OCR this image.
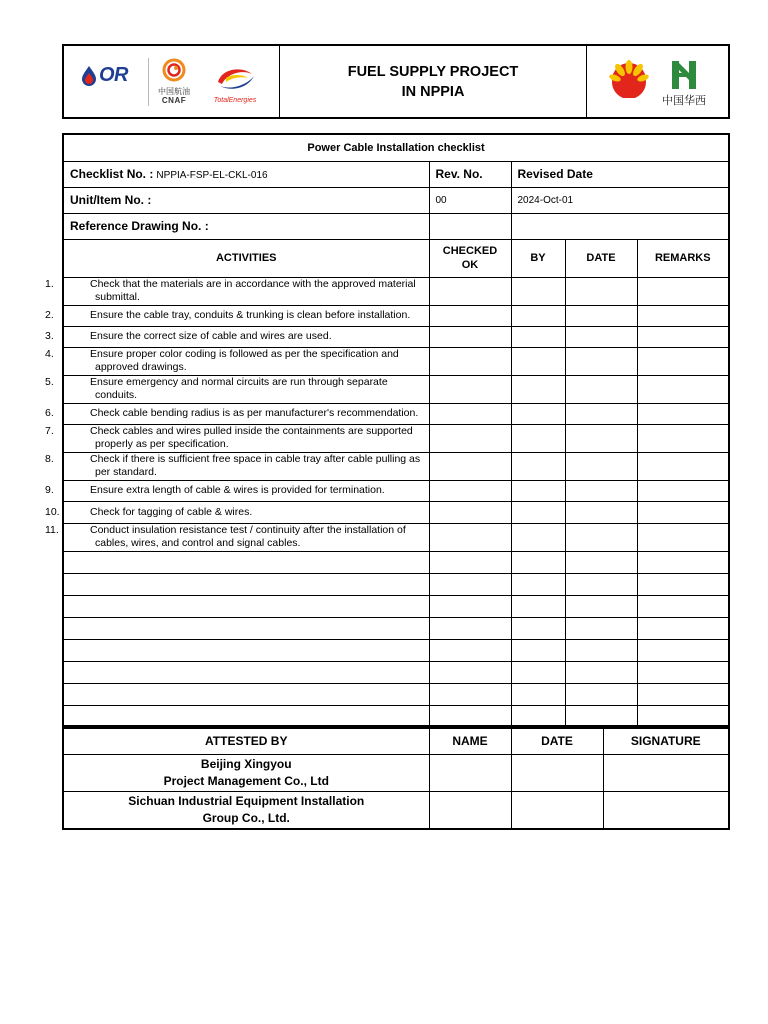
OR
中国航油
CNAF	TotalEnergies
FUEL SUPPLY PROJECT
IN NPPIA
中国华西
Power Cable Installation checklist				
Checklist No. : NPPIA-FSP-EL-CKL-016	Rev. No.	Revised Date		
Unit/Item No. :	00	2024-Oct-01		
Reference Drawing No. :				
ACTIVITIES	CHECKED
OK	BY	DATE	REMARKS

1. Check that the materials are in accordance with the approved material submittal.				

2. Ensure the cable tray, conduits & trunking is clean before installation.				

3. Ensure the correct size of cable and wires are used.				

4. Ensure proper color coding is followed as per the specification and approved drawings.				

5. Ensure emergency and normal circuits are run through separate conduits.				

6. Check cable bending radius is as per manufacturer's recommendation.				

7. Check cables and wires pulled inside the containments are supported properly as per specification.				

8. Check if there is sufficient free space in cable tray after cable pulling as per standard.				

9. Ensure extra length of cable & wires is provided for termination.				

10. Check for tagging of cable & wires.				

11. Conduct insulation resistance test / continuity after the installation of cables, wires, and control and signal cables.				

ATTESTED BY	NAME	DATE	SIGNATURE

Beijing Xingyou
Project Management Co., Ltd			

Sichuan Industrial Equipment Installation
Group Co., Ltd.			
